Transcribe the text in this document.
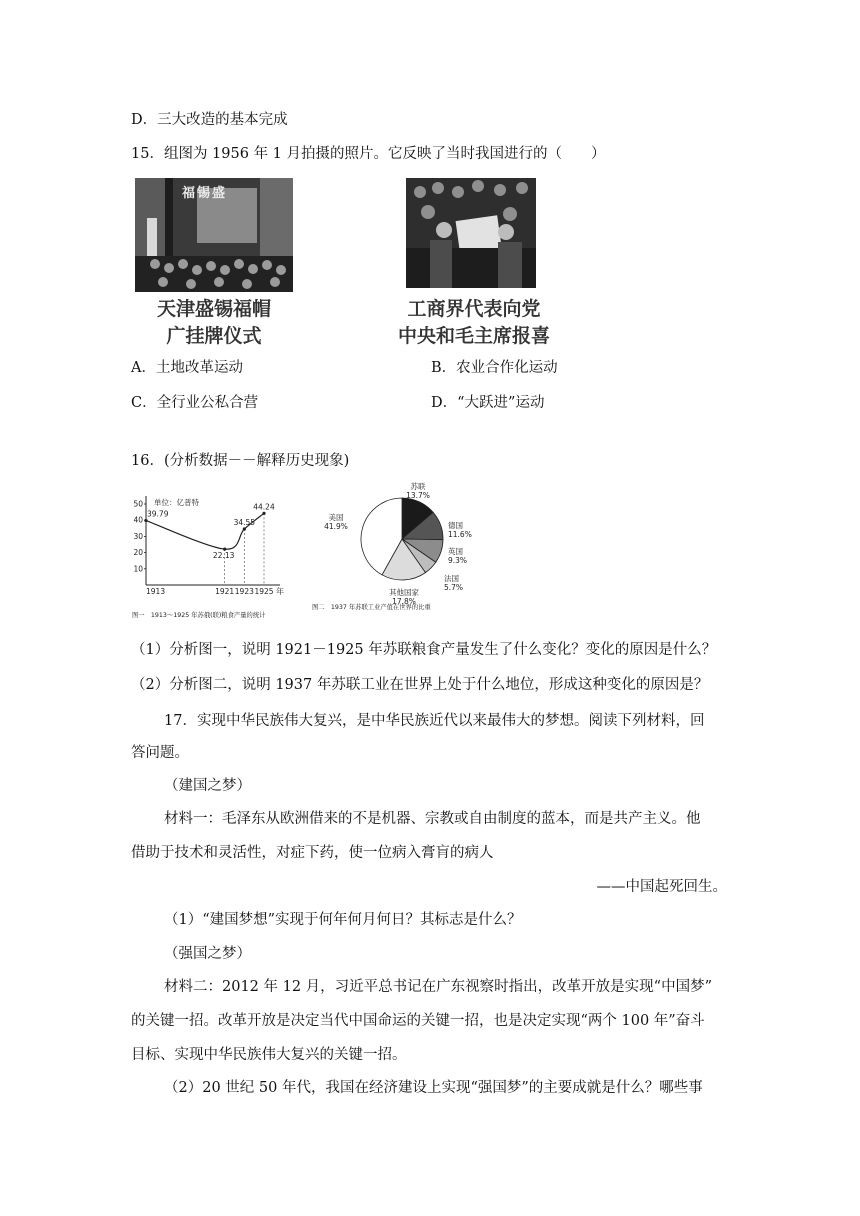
D．三大改造的基本完成
15．组图为 1956 年 1 月拍摄的照片。它反映了当时我国进行的（　　）
福锡盛
天津盛锡福帽
广挂牌仪式
工商界代表向党
中央和毛主席报喜
A．土地改革运动	B．农业合作化运动
C．全行业公私合营	D．“大跃进”运动
16．(分析数据－－解释历史现象)
10
20
30
40
50
39.79
22.13
34.55
44.24
1913	1921 1923 1925
单位：亿普特
年
图一　1913～1925 年苏俄(联)粮食产量的统计
苏联
13.7%
德国
11.6%
英国
9.3%
法国
5.7%
其他国家
17.8%
美国
41.9%
图二　1937 年苏联工业产值在世界的比重
（1）分析图一，说明 1921－1925 年苏联粮食产量发生了什么变化？变化的原因是什么？
（2）分析图二，说明 1937 年苏联工业在世界上处于什么地位，形成这种变化的原因是？
17．实现中华民族伟大复兴，是中华民族近代以来最伟大的梦想。阅读下列材料，回
答问题。
（建国之梦）
材料一：毛泽东从欧洲借来的不是机器、宗教或自由制度的蓝本，而是共产主义。他
借助于技术和灵活性，对症下药，使一位病入膏肓的病人
——中国起死回生。
（1）“建国梦想”实现于何年何月何日？其标志是什么？
（强国之梦）
材料二：2012 年 12 月，习近平总书记在广东视察时指出，改革开放是实现“中国梦”
的关键一招。改革开放是决定当代中国命运的关键一招，也是决定实现“两个 100 年”奋斗
目标、实现中华民族伟大复兴的关键一招。
（2）20 世纪 50 年代，我国在经济建设上实现“强国梦”的主要成就是什么？哪些事
